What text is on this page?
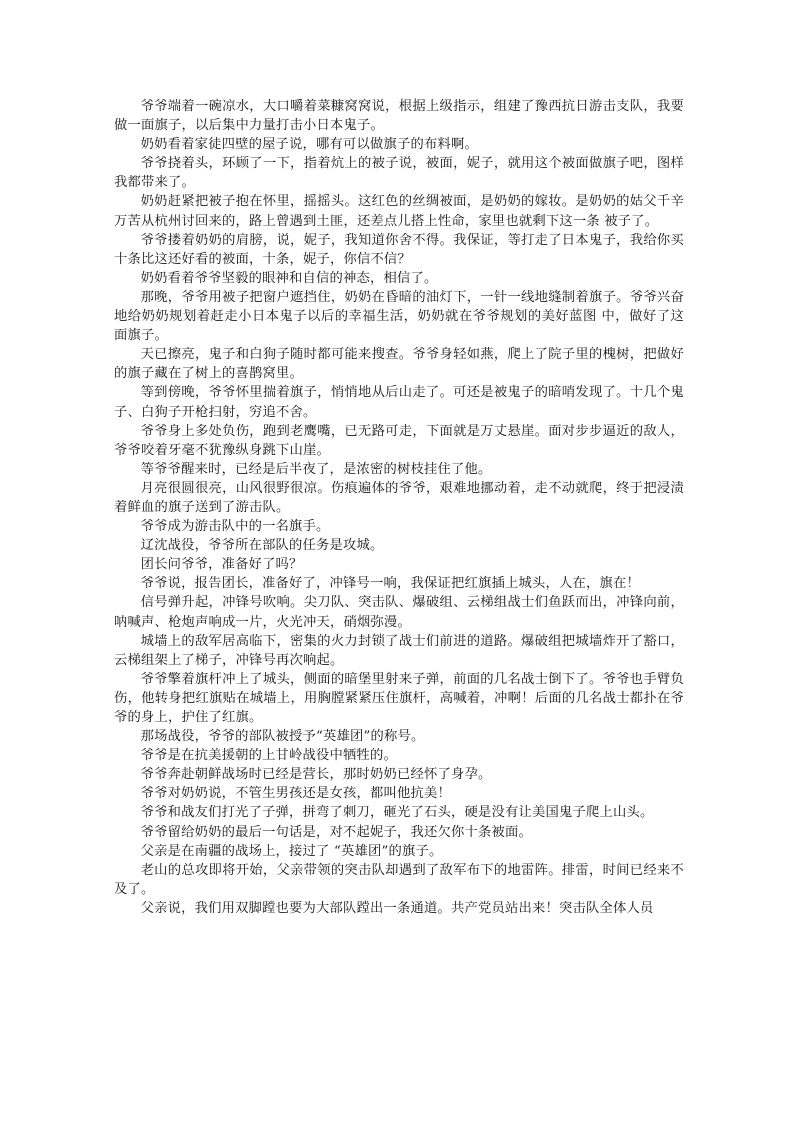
爷爷端着一碗凉水，大口嚼着菜糠窝窝说，根据上级指示，组建了豫西抗日游击支队，我要做一面旗子，以后集中力量打击小日本鬼子。

奶奶看着家徒四壁的屋子说，哪有可以做旗子的布料啊。

爷爷挠着头，环顾了一下，指着炕上的被子说，被面，妮子，就用这个被面做旗子吧，图样我都带来了。

奶奶赶紧把被子抱在怀里，摇摇头。这红色的丝绸被面，是奶奶的嫁妆。是奶奶的姑父千辛万苦从杭州讨回来的，路上曾遇到土匪，还差点儿搭上性命，家里也就剩下这一条 被子了。

爷爷搂着奶奶的肩膀，说，妮子，我知道你舍不得。我保证，等打走了日本鬼子，我给你买十条比这还好看的被面，十条，妮子，你信不信？

奶奶看着爷爷坚毅的眼神和自信的神态，相信了。

那晚，爷爷用被子把窗户遮挡住，奶奶在昏暗的油灯下，一针一线地缝制着旗子。爷爷兴奋地给奶奶规划着赶走小日本鬼子以后的幸福生活，奶奶就在爷爷规划的美好蓝图 中，做好了这面旗子。

天已擦亮，鬼子和白狗子随时都可能来搜查。爷爷身轻如燕，爬上了院子里的槐树，把做好的旗子藏在了树上的喜鹊窝里。

等到傍晚，爷爷怀里揣着旗子，悄悄地从后山走了。可还是被鬼子的暗哨发现了。十几个鬼子、白狗子开枪扫射，穷追不舍。

爷爷身上多处负伤，跑到老鹰嘴，已无路可走，下面就是万丈悬崖。面对步步逼近的敌人，爷爷咬着牙毫不犹豫纵身跳下山崖。

等爷爷醒来时，已经是后半夜了，是浓密的树枝挂住了他。

月亮很圆很亮，山风很野很凉。伤痕遍体的爷爷，艰难地挪动着，走不动就爬，终于把浸渍着鲜血的旗子送到了游击队。

爷爷成为游击队中的一名旗手。

辽沈战役，爷爷所在部队的任务是攻城。

团长问爷爷，准备好了吗？

爷爷说，报告团长，准备好了，冲锋号一响，我保证把红旗插上城头，人在，旗在！

信号弹升起，冲锋号吹响。尖刀队、突击队、爆破组、云梯组战士们鱼跃而出，冲锋向前，呐喊声、枪炮声响成一片，火光冲天，硝烟弥漫。

城墙上的敌军居高临下，密集的火力封锁了战士们前进的道路。爆破组把城墙炸开了豁口，云梯组架上了梯子，冲锋号再次响起。

爷爷擎着旗杆冲上了城头，侧面的暗堡里射来子弹，前面的几名战士倒下了。爷爷也手臂负伤，他转身把红旗贴在城墙上，用胸膛紧紧压住旗杆，高喊着，冲啊！后面的几名战士都扑在爷爷的身上，护住了红旗。

那场战役，爷爷的部队被授予“英雄团”的称号。

爷爷是在抗美援朝的上甘岭战役中牺牲的。

爷爷奔赴朝鲜战场时已经是营长，那时奶奶已经怀了身孕。

爷爷对奶奶说，不管生男孩还是女孩，都叫他抗美！

爷爷和战友们打光了子弹，拼弯了刺刀，砸光了石头，硬是没有让美国鬼子爬上山头。

爷爷留给奶奶的最后一句话是，对不起妮子，我还欠你十条被面。

父亲是在南疆的战场上，接过了 “英雄团”的旗子。

老山的总攻即将开始，父亲带领的突击队却遇到了敌军布下的地雷阵。排雷，时间已经来不及了。

父亲说，我们用双脚蹚也要为大部队蹚出一条通道。共产党员站出来！突击队全体人员
